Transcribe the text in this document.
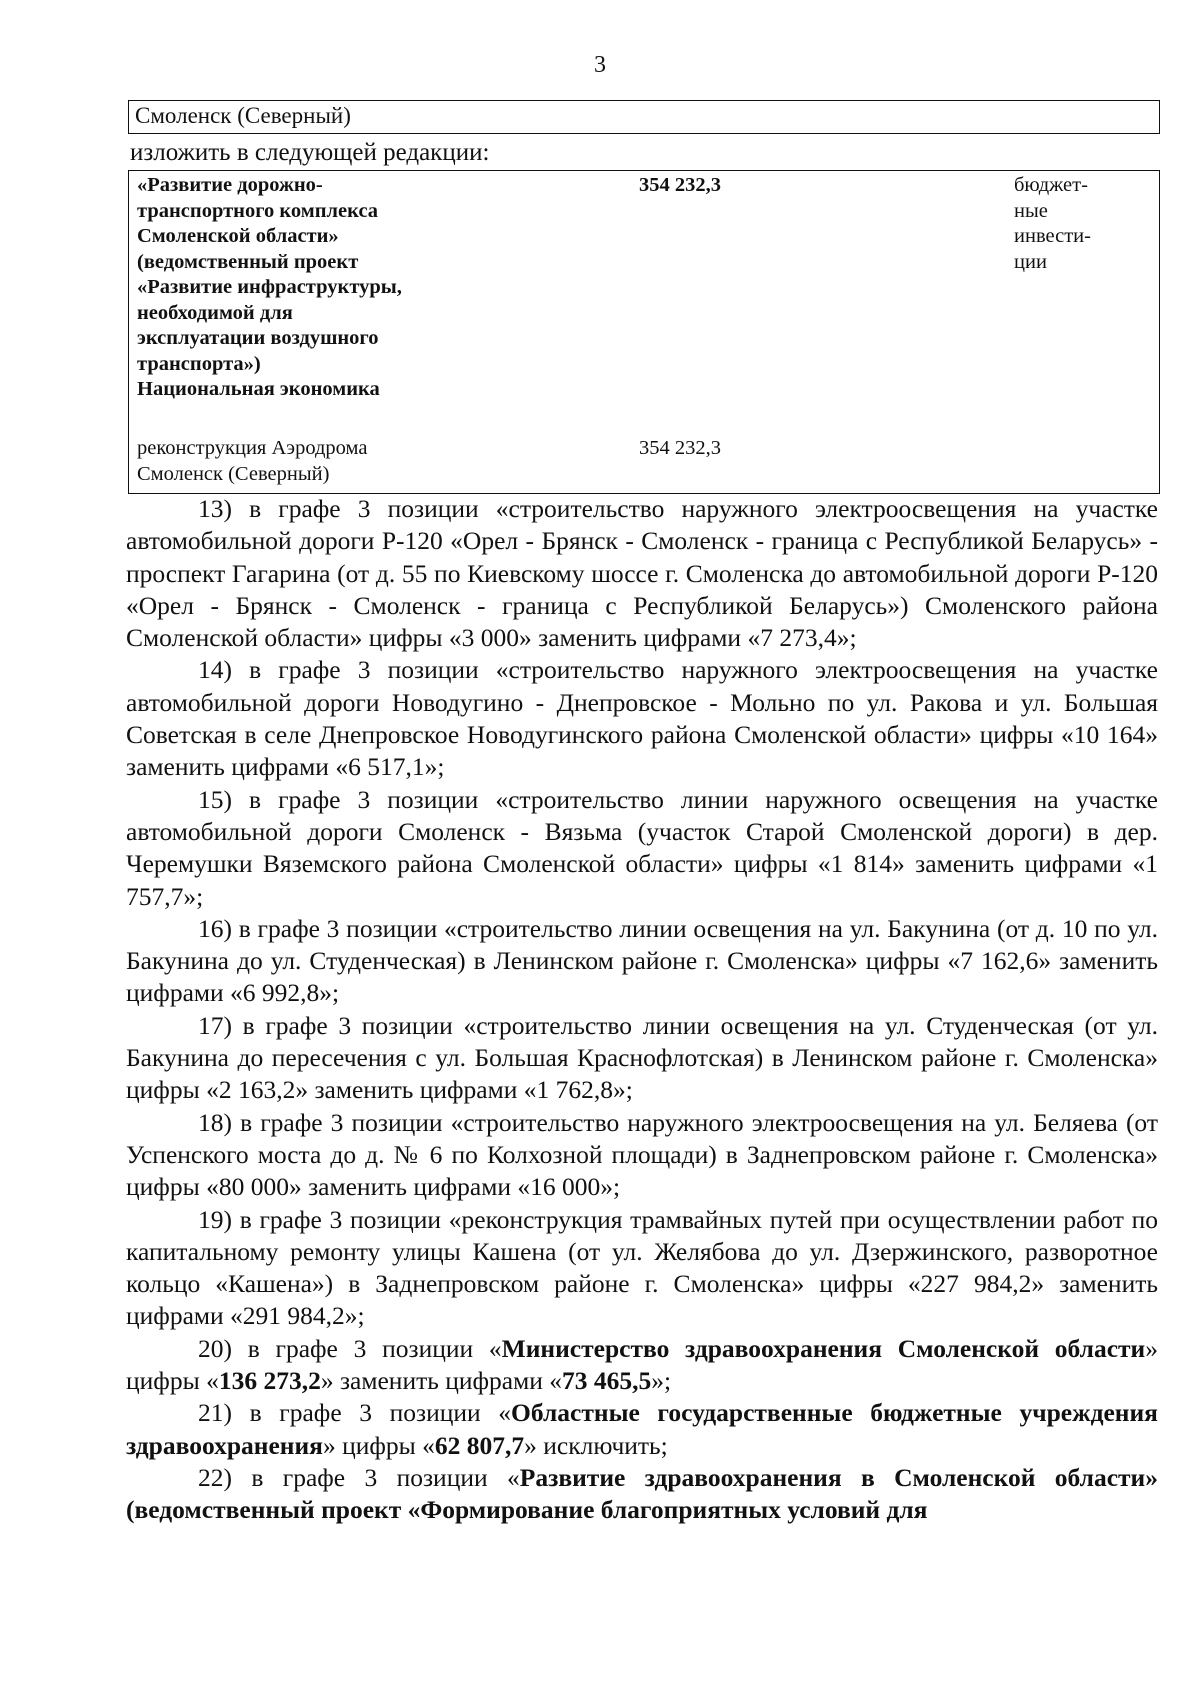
3
Смоленск (Северный)
изложить в следующей редакции:
«Развитие дорожно-
транспортного комплекса
Смоленской области»
(ведомственный проект
«Развитие инфраструктуры,
необходимой для
эксплуатации воздушного
транспорта»)
Национальная экономика
354 232,3	бюджет-
ные
инвести-
ции
реконструкция Аэродрома
Смоленск (Северный)
354 232,3

13) в графе 3 позиции «строительство наружного электроосвещения на участке автомобильной дороги Р-120 «Орел - Брянск - Смоленск - граница с Республикой Беларусь» - проспект Гагарина (от д. 55 по Киевскому шоссе г. Смоленска до автомобильной дороги Р-120 «Орел - Брянск - Смоленск - граница с Республикой Беларусь») Смоленского района Смоленской области» цифры «3 000» заменить цифрами «7 273,4»;

14) в графе 3 позиции «строительство наружного электроосвещения на участке автомобильной дороги Новодугино - Днепровское - Мольно по ул. Ракова и ул. Большая Советская в селе Днепровское Новодугинского района Смоленской области» цифры «10 164» заменить цифрами «6 517,1»;

15) в графе 3 позиции «строительство линии наружного освещения на участке автомобильной дороги Смоленск - Вязьма (участок Старой Смоленской дороги) в дер. Черемушки Вяземского района Смоленской области» цифры «1 814» заменить цифрами «1 757,7»;

16) в графе 3 позиции «строительство линии освещения на ул. Бакунина (от д. 10 по ул. Бакунина до ул. Студенческая) в Ленинском районе г. Смоленска» цифры «7 162,6» заменить цифрами «6 992,8»;

17) в графе 3 позиции «строительство линии освещения на ул. Студенческая (от ул. Бакунина до пересечения с ул. Большая Краснофлотская) в Ленинском районе г. Смоленска» цифры «2 163,2» заменить цифрами «1 762,8»;

18) в графе 3 позиции «строительство наружного электроосвещения на ул. Беляева (от Успенского моста до д. № 6 по Колхозной площади) в Заднепровском районе г. Смоленска» цифры «80 000» заменить цифрами «16 000»;

19) в графе 3 позиции «реконструкция трамвайных путей при осуществлении работ по капитальному ремонту улицы Кашена (от ул. Желябова до ул. Дзержинского, разворотное кольцо «Кашена») в Заднепровском районе г. Смоленска» цифры «227 984,2» заменить цифрами «291 984,2»;

20) в графе 3 позиции «Министерство здравоохранения Смоленской области» цифры «136 273,2» заменить цифрами «73 465,5»;

21) в графе 3 позиции «Областные государственные бюджетные учреждения здравоохранения» цифры «62 807,7» исключить;

22) в графе 3 позиции «Развитие здравоохранения в Смоленской области» (ведомственный проект «Формирование благоприятных условий для
